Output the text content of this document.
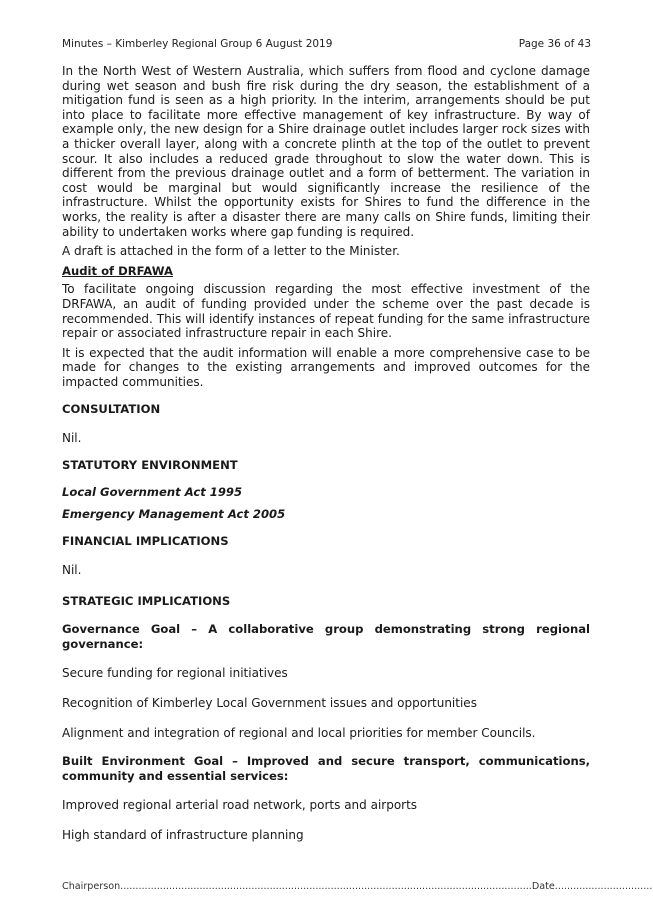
Minutes – Kimberley Regional Group 6 August 2019	Page 36 of 43

In the North West of Western Australia, which suffers from flood and cyclone damage during wet season and bush fire risk during the dry season, the establishment of a mitigation fund is seen as a high priority. In the interim, arrangements should be put into place to facilitate more effective management of key infrastructure. By way of example only, the new design for a Shire drainage outlet includes larger rock sizes with a thicker overall layer, along with a concrete plinth at the top of the outlet to prevent scour. It also includes a reduced grade throughout to slow the water down. This is different from the previous drainage outlet and a form of betterment. The variation in cost would be marginal but would significantly increase the resilience of the infrastructure. Whilst the opportunity exists for Shires to fund the difference in the works, the reality is after a disaster there are many calls on Shire funds, limiting their ability to undertaken works where gap funding is required.

A draft is attached in the form of a letter to the Minister.

Audit of DRFAWA

To facilitate ongoing discussion regarding the most effective investment of the DRFAWA, an audit of funding provided under the scheme over the past decade is recommended. This will identify instances of repeat funding for the same infrastructure repair or associated infrastructure repair in each Shire.

It is expected that the audit information will enable a more comprehensive case to be made for changes to the existing arrangements and improved outcomes for the impacted communities.

CONSULTATION

Nil.

STATUTORY ENVIRONMENT

Local Government Act 1995

Emergency Management Act 2005

FINANCIAL IMPLICATIONS

Nil.

STRATEGIC IMPLICATIONS

Governance Goal – A collaborative group demonstrating strong regional governance:

Secure funding for regional initiatives

Recognition of Kimberley Local Government issues and opportunities

Alignment and integration of regional and local priorities for member Councils.

Built Environment Goal – Improved and secure transport, communications, community and essential services:

Improved regional arterial road network, ports and airports

High standard of infrastructure planning

Chairperson.......................................................................................................................................Date................................
